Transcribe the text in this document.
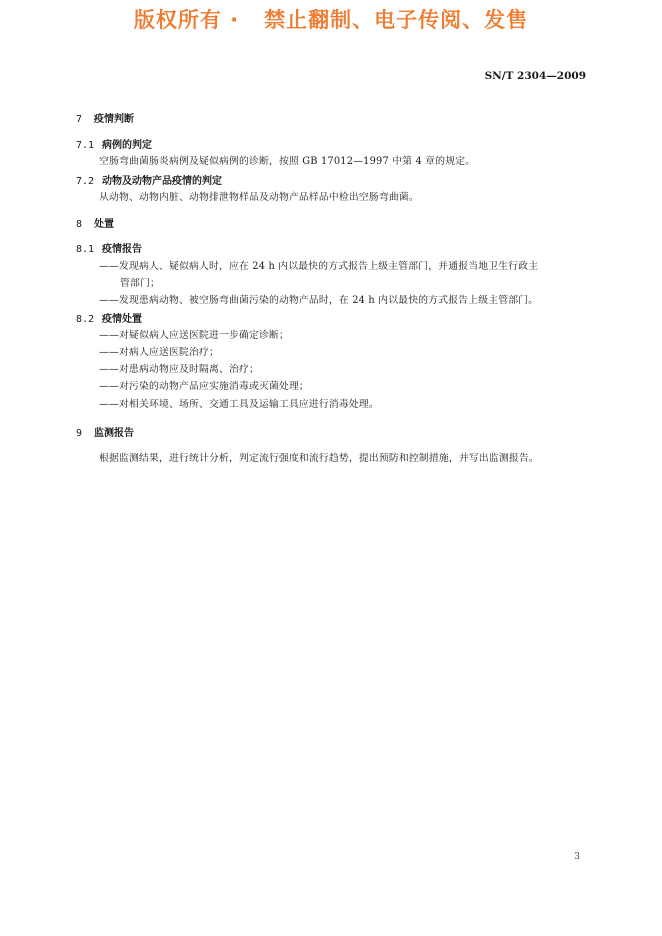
版权所有 ·   禁止翻制、电子传阅、发售
SN/T 2304—2009
7 疫情判断
7.1 病例的判定
空肠弯曲菌肠炎病例及疑似病例的诊断，按照 GB 17012—1997 中第 4 章的规定。
7.2 动物及动物产品疫情的判定
从动物、动物内脏、动物排泄物样品及动物产品样品中检出空肠弯曲菌。
8 处置
8.1 疫情报告
——发现病人、疑似病人时，应在 24 h 内以最快的方式报告上级主管部门，并通报当地卫生行政主
管部门；
——发现患病动物、被空肠弯曲菌污染的动物产品时，在 24 h 内以最快的方式报告上级主管部门。
8.2 疫情处置
——对疑似病人应送医院进一步确定诊断；
——对病人应送医院治疗；
——对患病动物应及时隔离、治疗；
——对污染的动物产品应实施消毒或灭菌处理；
——对相关环境、场所、交通工具及运输工具应进行消毒处理。
9 监测报告
根据监测结果，进行统计分析，判定流行强度和流行趋势，提出预防和控制措施，并写出监测报告。
3
